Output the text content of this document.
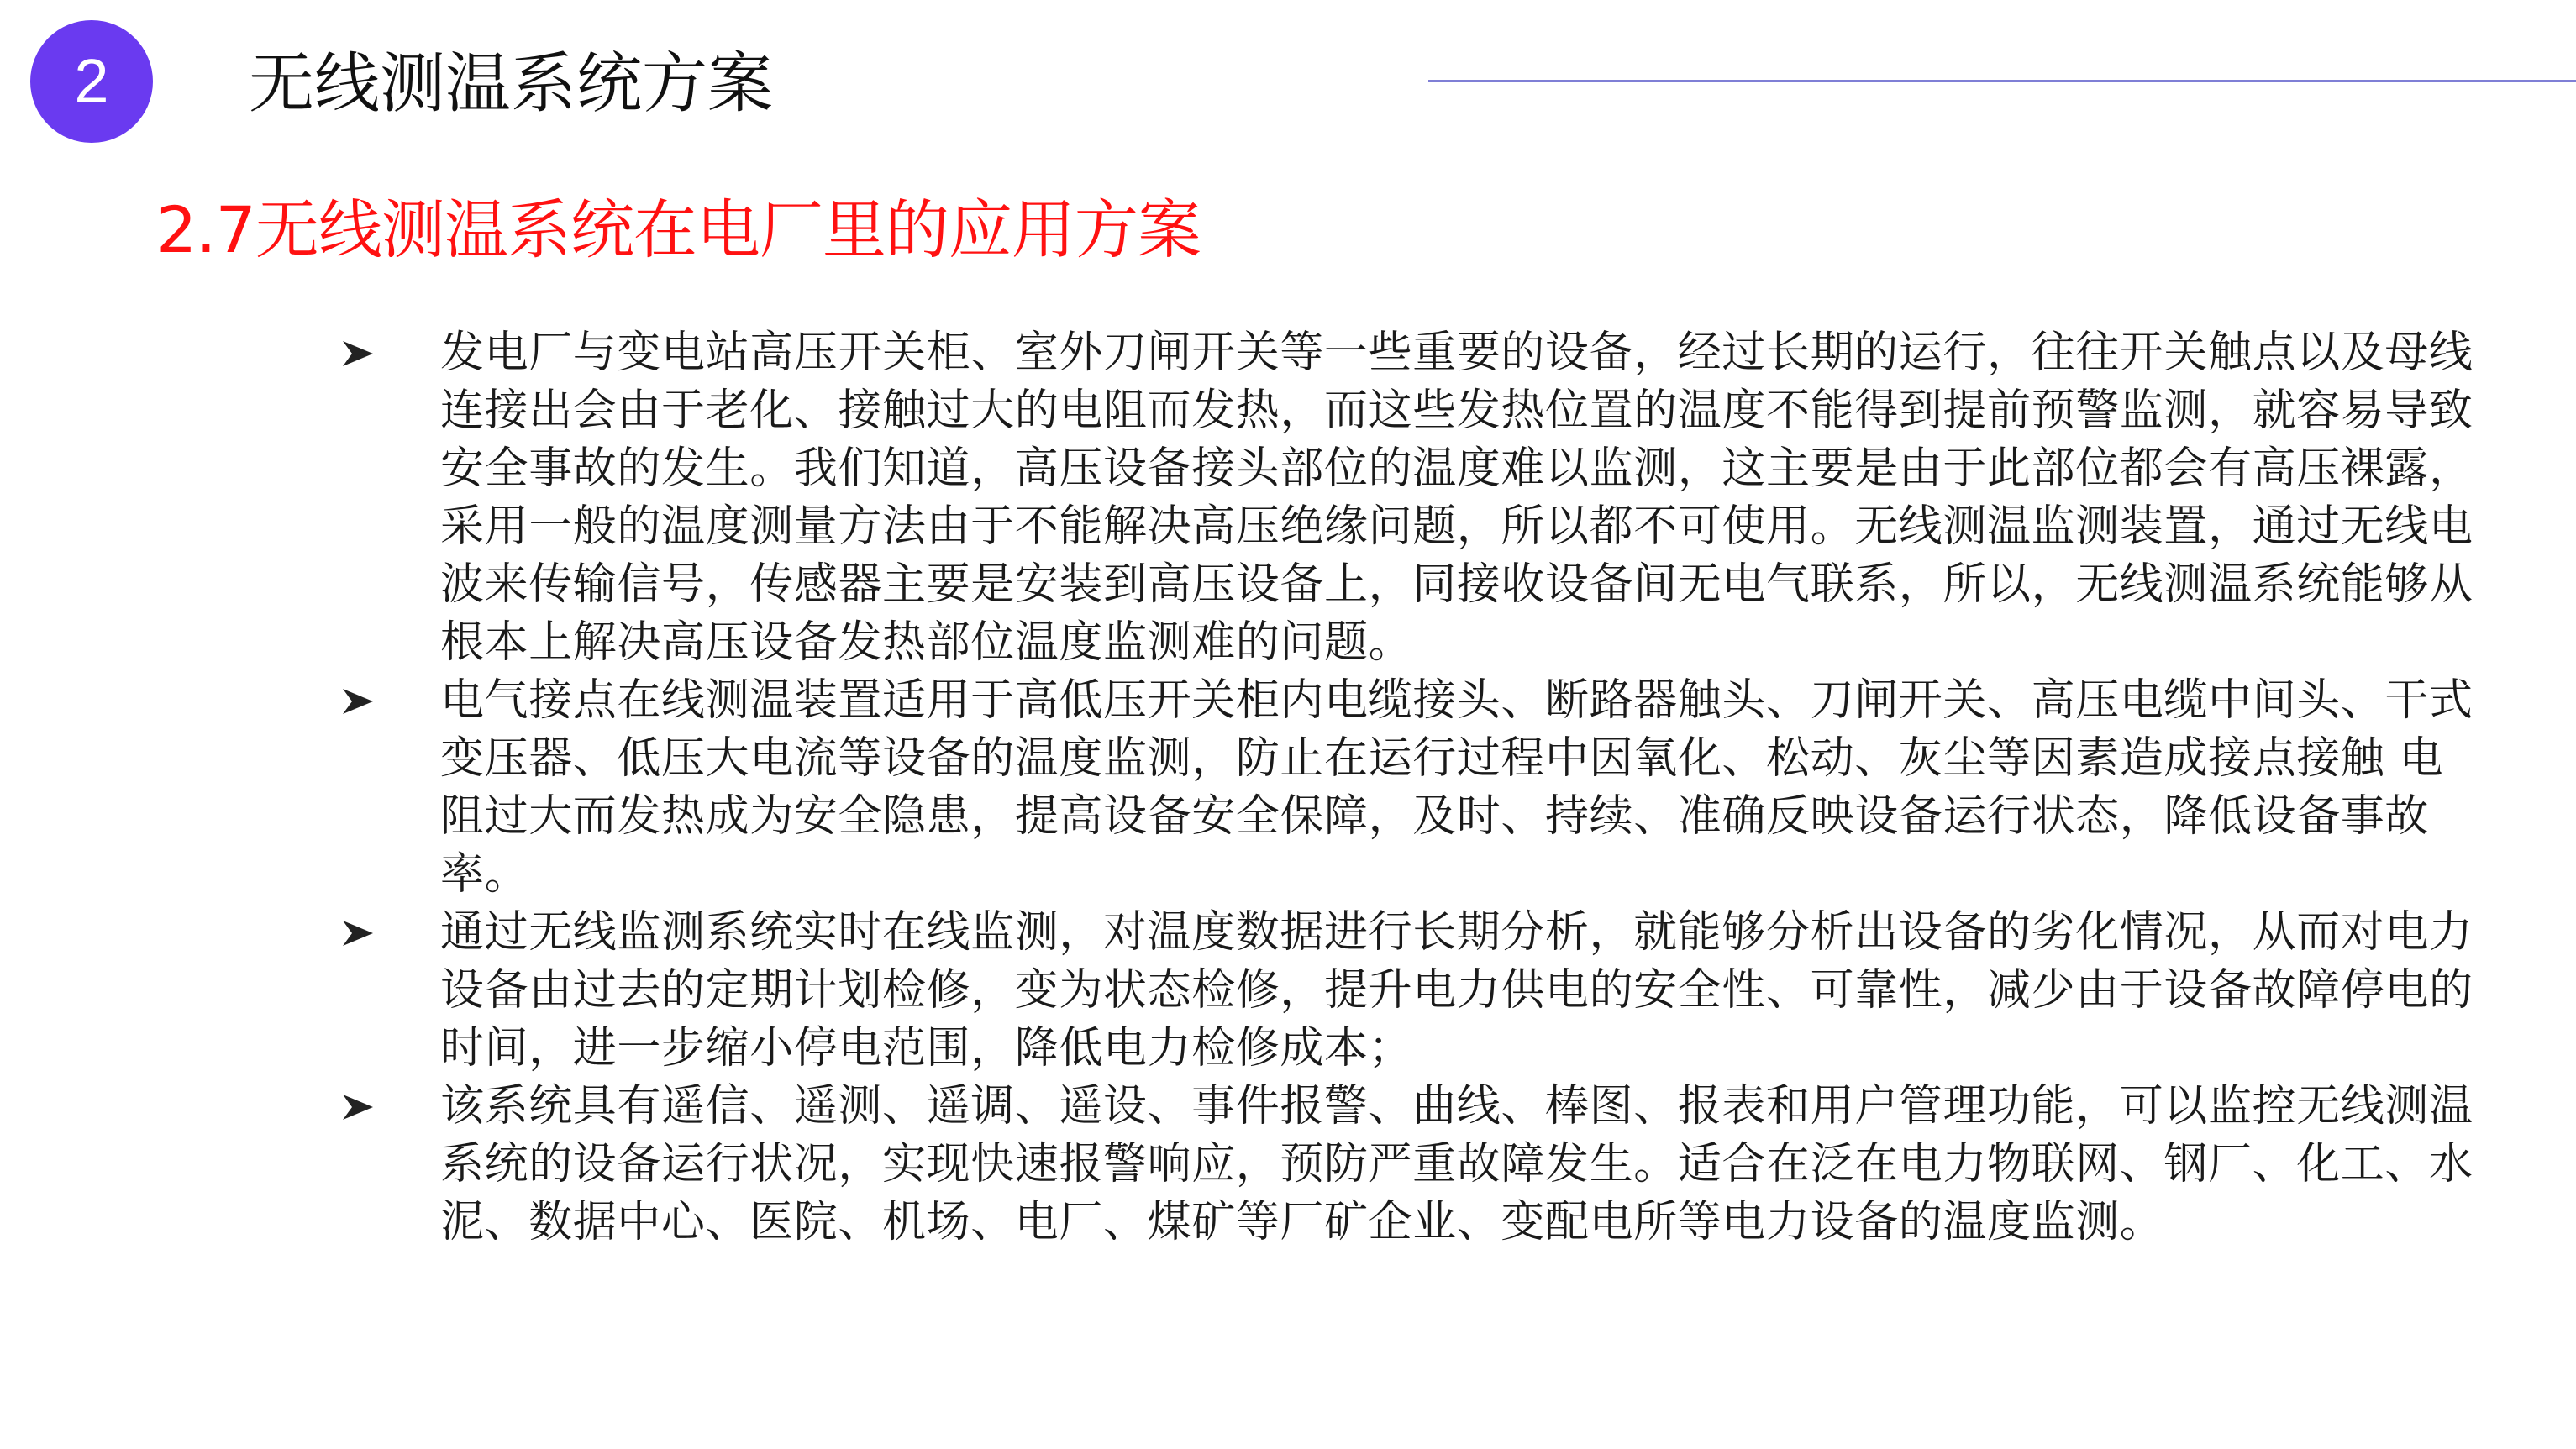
2 无线测温系统方案
2.7无线测温系统在电厂里的应用方案
发电厂与变电站高压开关柜、室外刀闸开关等一些重要的设备，经过长期的运行，往往开关触点以及母线连接出会由于老化、接触过大的电阻而发热，而这些发热位置的温度不能得到提前预警监测，就容易导致安全事故的发生。我们知道，高压设备接头部位的温度难以监测，这主要是由于此部位都会有高压裸露，采用一般的温度测量方法由于不能解决高压绝缘问题，所以都不可使用。无线测温监测装置，通过无线电波来传输信号，传感器主要是安装到高压设备上，同接收设备间无电气联系，所以，无线测温系统能够从根本上解决高压设备发热部位温度监测难的问题。
电气接点在线测温装置适用于高低压开关柜内电缆接头、断路器触头、刀闸开关、高压电缆中间头、干式变压器、低压大电流等设备的温度监测，防止在运行过程中因氧化、松动、灰尘等因素造成接点接触 电阻过大而发热成为安全隐患，提高设备安全保障，及时、持续、准确反映设备运行状态，降低设备事故率。
通过无线监测系统实时在线监测，对温度数据进行长期分析，就能够分析出设备的劣化情况，从而对电力设备由过去的定期计划检修，变为状态检修，提升电力供电的安全性、可靠性，减少由于设备故障停电的时间，进一步缩小停电范围，降低电力检修成本；
该系统具有遥信、遥测、遥调、遥设、事件报警、曲线、棒图、报表和用户管理功能，可以监控无线测温系统的设备运行状况，实现快速报警响应，预防严重故障发生。适合在泛在电力物联网、钢厂、化工、水泥、数据中心、医院、机场、电厂、煤矿等厂矿企业、变配电所等电力设备的温度监测。
